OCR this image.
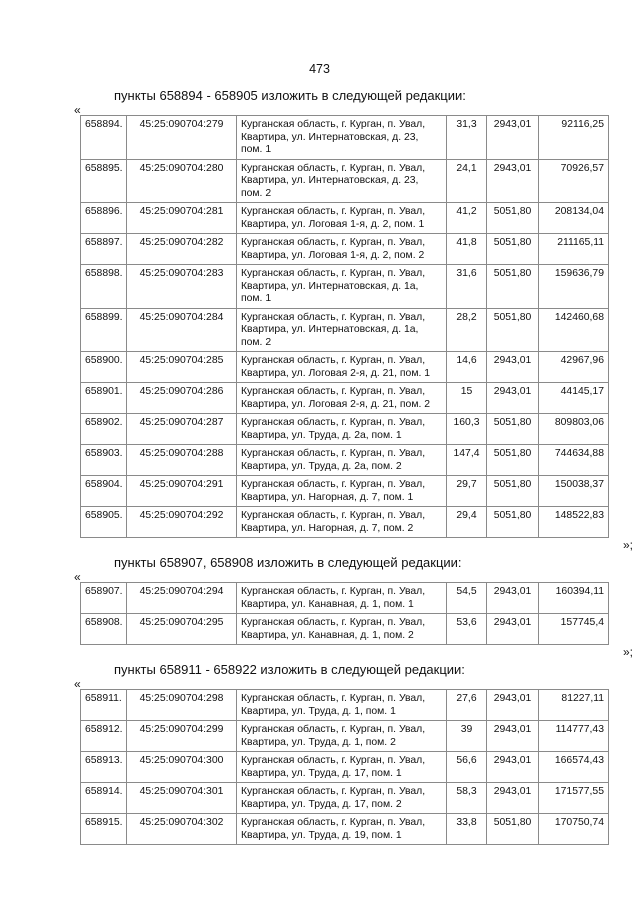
473
пункты 658894 - 658905 изложить в следующей редакции:
«
658894.	45:25:090704:279	Курганская область, г. Курган, п. Увал, Квартира, ул. Интернатовская, д. 23, пом. 1	31,3	2943,01	92116,25
658895.	45:25:090704:280	Курганская область, г. Курган, п. Увал, Квартира, ул. Интернатовская, д. 23, пом. 2	24,1	2943,01	70926,57
658896.	45:25:090704:281	Курганская область, г. Курган, п. Увал, Квартира, ул. Логовая 1-я, д. 2, пом. 1	41,2	5051,80	208134,04
658897.	45:25:090704:282	Курганская область, г. Курган, п. Увал, Квартира, ул. Логовая 1-я, д. 2, пом. 2	41,8	5051,80	211165,11
658898.	45:25:090704:283	Курганская область, г. Курган, п. Увал, Квартира, ул. Интернатовская, д. 1а, пом. 1	31,6	5051,80	159636,79
658899.	45:25:090704:284	Курганская область, г. Курган, п. Увал, Квартира, ул. Интернатовская, д. 1а, пом. 2	28,2	5051,80	142460,68
658900.	45:25:090704:285	Курганская область, г. Курган, п. Увал, Квартира, ул. Логовая 2-я, д. 21, пом. 1	14,6	2943,01	42967,96
658901.	45:25:090704:286	Курганская область, г. Курган, п. Увал, Квартира, ул. Логовая 2-я, д. 21, пом. 2	15	2943,01	44145,17
658902.	45:25:090704:287	Курганская область, г. Курган, п. Увал, Квартира, ул. Труда, д. 2а, пом. 1	160,3	5051,80	809803,06
658903.	45:25:090704:288	Курганская область, г. Курган, п. Увал, Квартира, ул. Труда, д. 2а, пом. 2	147,4	5051,80	744634,88
658904.	45:25:090704:291	Курганская область, г. Курган, п. Увал, Квартира, ул. Нагорная, д. 7, пом. 1	29,7	5051,80	150038,37
658905.	45:25:090704:292	Курганская область, г. Курган, п. Увал, Квартира, ул. Нагорная, д. 7, пом. 2	29,4	5051,80	148522,83
»;
пункты 658907, 658908 изложить в следующей редакции:
«
658907.	45:25:090704:294	Курганская область, г. Курган, п. Увал, Квартира, ул. Канавная, д. 1, пом. 1	54,5	2943,01	160394,11
658908.	45:25:090704:295	Курганская область, г. Курган, п. Увал, Квартира, ул. Канавная, д. 1, пом. 2	53,6	2943,01	157745,4
»;
пункты 658911 - 658922 изложить в следующей редакции:
«
658911.	45:25:090704:298	Курганская область, г. Курган, п. Увал, Квартира, ул. Труда, д. 1, пом. 1	27,6	2943,01	81227,11
658912.	45:25:090704:299	Курганская область, г. Курган, п. Увал, Квартира, ул. Труда, д. 1, пом. 2	39	2943,01	114777,43
658913.	45:25:090704:300	Курганская область, г. Курган, п. Увал, Квартира, ул. Труда, д. 17, пом. 1	56,6	2943,01	166574,43
658914.	45:25:090704:301	Курганская область, г. Курган, п. Увал, Квартира, ул. Труда, д. 17, пом. 2	58,3	2943,01	171577,55
658915.	45:25:090704:302	Курганская область, г. Курган, п. Увал, Квартира, ул. Труда, д. 19, пом. 1	33,8	5051,80	170750,74
